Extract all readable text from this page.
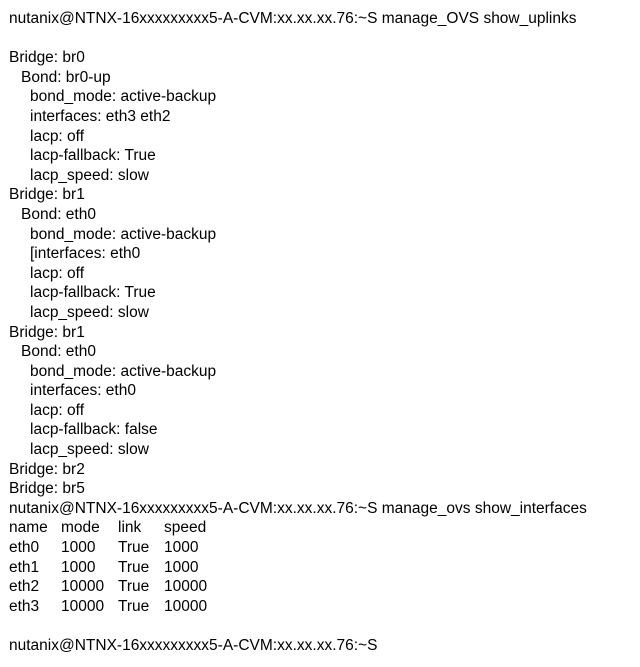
nutanix@NTNX-16xxxxxxxxx5-A-CVM:xx.xx.xx.76:~S manage_OVS show_uplinks
Bridge: br0
Bond: br0-up
bond_mode: active-backup
interfaces: eth3 eth2
lacp: off
lacp-fallback: True
lacp_speed: slow
Bridge: br1
Bond: eth0
bond_mode: active-backup
[interfaces: eth0
lacp: off
lacp-fallback: True
lacp_speed: slow
Bridge: br1
Bond: eth0
bond_mode: active-backup
interfaces: eth0
lacp: off
lacp-fallback: false
lacp_speed: slow
Bridge: br2
Bridge: br5
nutanix@NTNX-16xxxxxxxxx5-A-CVM:xx.xx.xx.76:~S manage_ovs show_interfaces
name mode	link	speed
eth0	1000	True 1000
eth1	1000	True 1000
eth2	10000 True 10000
eth3	10000 True 10000
nutanix@NTNX-16xxxxxxxxx5-A-CVM:xx.xx.xx.76:~S
